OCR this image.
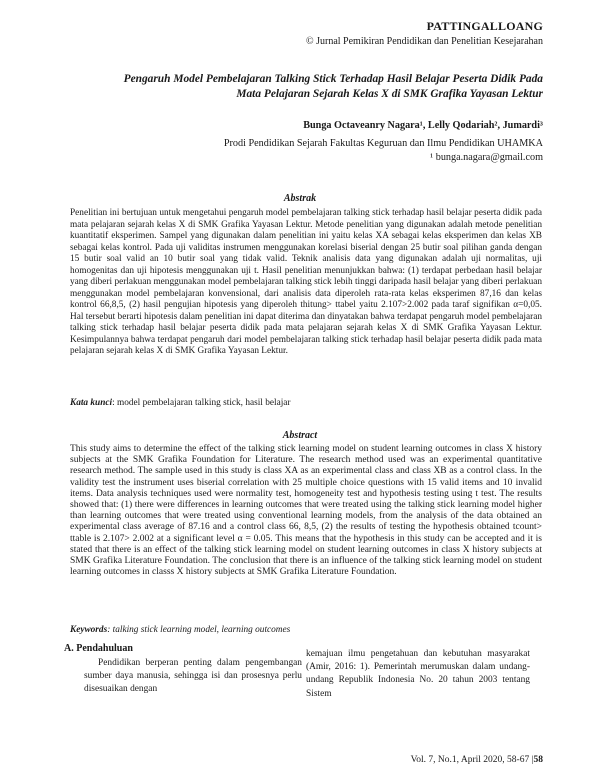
PATTINGALLOANG
© Jurnal Pemikiran Pendidikan dan Penelitian Kesejarahan
Pengaruh Model Pembelajaran Talking Stick Terhadap Hasil Belajar Peserta Didik Pada
Mata Pelajaran Sejarah Kelas X di SMK Grafika Yayasan Lektur
Bunga Octaveanry Nagara¹, Lelly Qodariah², Jumardi³
Prodi Pendidikan Sejarah Fakultas Keguruan dan Ilmu Pendidikan UHAMKA
¹ bunga.nagara@gmail.com
Abstrak
Penelitian ini bertujuan untuk mengetahui pengaruh model pembelajaran talking stick terhadap hasil belajar peserta didik pada mata pelajaran sejarah kelas X di SMK Grafika Yayasan Lektur. Metode penelitian yang digunakan adalah metode penelitian kuantitatif eksperimen. Sampel yang digunakan dalam penelitian ini yaitu kelas XA sebagai kelas eksperimen dan kelas XB sebagai kelas kontrol. Pada uji validitas instrumen menggunakan korelasi biserial dengan 25 butir soal pilihan ganda dengan 15 butir soal valid an 10 butir soal yang tidak valid. Teknik analisis data yang digunakan adalah uji normalitas, uji homogenitas dan uji hipotesis menggunakan uji t. Hasil penelitian menunjukkan bahwa: (1) terdapat perbedaan hasil belajar yang diberi perlakuan menggunakan model pembelajaran talking stick lebih tinggi daripada hasil belajar yang diberi perlakuan menggunakan model pembelajaran konvensional, dari analisis data diperoleh rata-rata kelas eksperimen 87,16 dan kelas kontrol 66,8,5, (2) hasil pengujian hipotesis yang diperoleh thitung> ttabel yaitu 2.107>2.002 pada taraf signifikan α=0,05. Hal tersebut berarti hipotesis dalam penelitian ini dapat diterima dan dinyatakan bahwa terdapat pengaruh model pembelajaran talking stick terhadap hasil belajar peserta didik pada mata pelajaran sejarah kelas X di SMK Grafika Yayasan Lektur. Kesimpulannya bahwa terdapat pengaruh dari model pembelajaran talking stick terhadap hasil belajar peserta didik pada mata pelajaran sejarah kelas X di SMK Grafika Yayasan Lektur.
Kata kunci: model pembelajaran talking stick, hasil belajar
Abstract
This study aims to determine the effect of the talking stick learning model on student learning outcomes in class X history subjects at the SMK Grafika Foundation for Literature. The research method used was an experimental quantitative research method. The sample used in this study is class XA as an experimental class and class XB as a control class. In the validity test the instrument uses biserial correlation with 25 multiple choice questions with 15 valid items and 10 invalid items. Data analysis techniques used were normality test, homogeneity test and hypothesis testing using t test. The results showed that: (1) there were differences in learning outcomes that were treated using the talking stick learning model higher than learning outcomes that were treated using conventional learning models, from the analysis of the data obtained an experimental class average of 87.16 and a control class 66, 8,5, (2) the results of testing the hypothesis obtained tcount> ttable is 2.107> 2.002 at a significant level α = 0.05. This means that the hypothesis in this study can be accepted and it is stated that there is an effect of the talking stick learning model on student learning outcomes in class X history subjects at SMK Grafika Literature Foundation. The conclusion that there is an influence of the talking stick learning model on student learning outcomes in classs X history subjects at SMK Grafika Literature Foundation.
Keywords: talking stick learning model, learning outcomes
A. Pendahuluan
Pendidikan berperan penting dalam pengembangan sumber daya manusia, sehingga isi dan prosesnya perlu disesuaikan dengan
kemajuan ilmu pengetahuan dan kebutuhan masyarakat (Amir, 2016: 1). Pemerintah merumuskan dalam undang-undang Republik Indonesia No. 20 tahun 2003 tentang Sistem
Vol. 7, No.1, April 2020, 58-67 |58
